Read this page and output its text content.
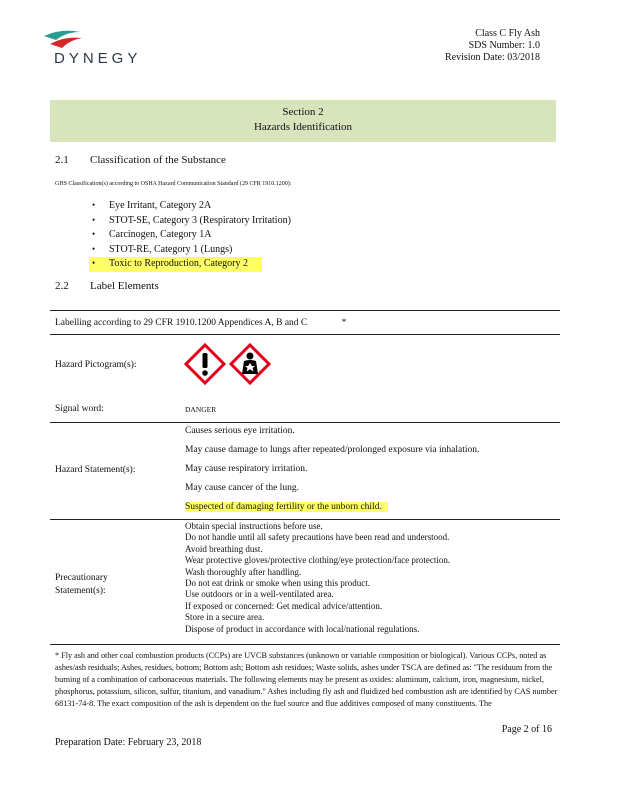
DYNEGY
Class C Fly Ash
SDS Number: 1.0
Revision Date: 03/2018
Section 2
Hazards Identification
2.1 Classification of the Substance
GHS Classification(s) according to OSHA Hazard Communication Standard (29 CFR 1910.1200):
• Eye Irritant, Category 2A
• STOT-SE, Category 3 (Respiratory Irritation)
• Carcinogen, Category 1A
• STOT-RE, Category 1 (Lungs)
• Toxic to Reproduction, Category 2
2.2 Label Elements
Labelling according to 29 CFR 1910.1200 Appendices A, B and C	*
Hazard Pictogram(s):
Signal word:	DANGER
Hazard Statement(s):
Causes serious eye irritation.
May cause damage to lungs after repeated/prolonged exposure via inhalation.
May cause respiratory irritation.
May cause cancer of the lung.
Suspected of damaging fertility or the unborn child.
Precautionary
Statement(s):
Obtain special instructions before use.
Do not handle until all safety precautions have been read and understood.
Avoid breathing dust.
Wear protective gloves/protective clothing/eye protection/face protection.
Wash thoroughly after handling.
Do not eat drink or smoke when using this product.
Use outdoors or in a well-ventilated area.
If exposed or concerned: Get medical advice/attention.
Store in a secure area.
Dispose of product in accordance with local/national regulations.
* Fly ash and other coal combustion products (CCPs) are UVCB substances (unknown or variable composition or biological). Various CCPs, noted as ashes/ash residuals; Ashes, residues, bottom; Bottom ash; Bottom ash residues; Waste solids, ashes under TSCA are defined as: "The residuum from the burning of a combination of carbonaceous materials. The following elements may be present as oxides: aluminum, calcium, iron, magnesium, nickel, phosphorus, potassium, silicon, sulfur, titanium, and vanadium." Ashes including fly ash and fluidized bed combustion ash are identified by CAS number 68131-74-8. The exact composition of the ash is dependent on the fuel source and flue additives composed of many constituents. The
Page 2 of 16
Preparation Date: February 23, 2018
